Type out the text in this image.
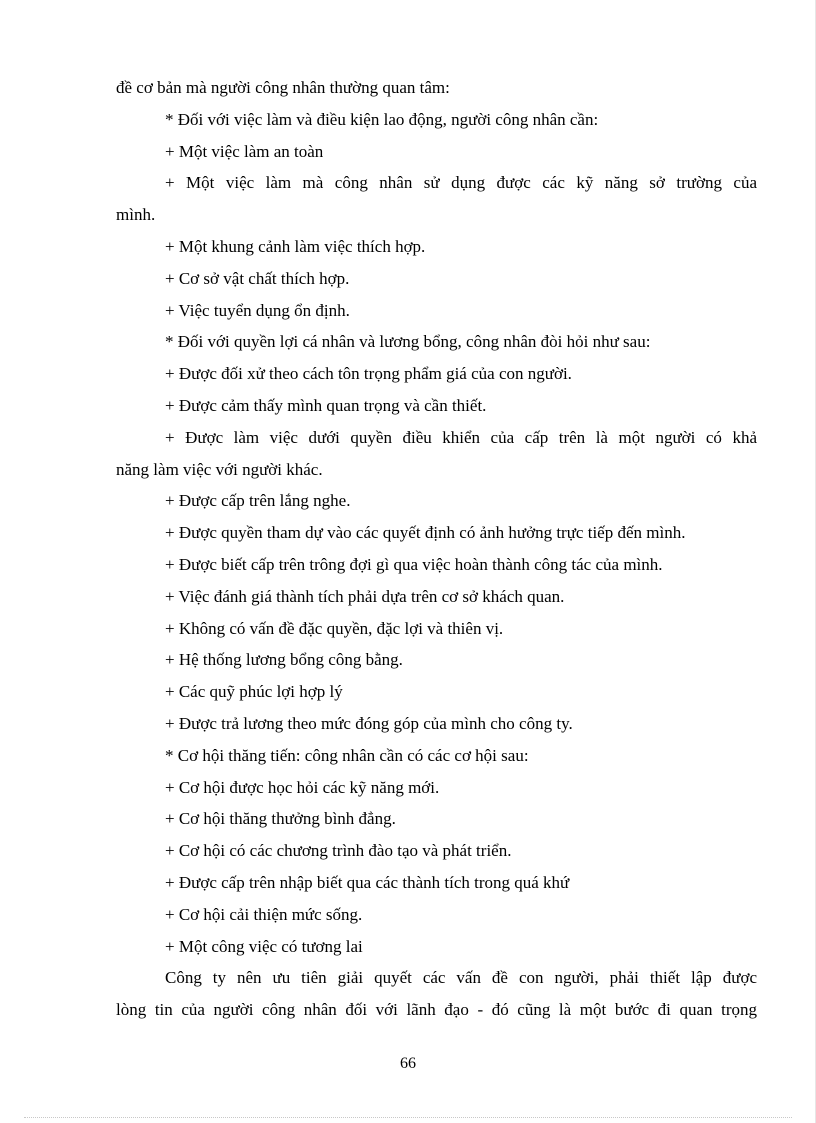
đề cơ bản mà người công nhân thường quan tâm:

* Đối với việc làm và điều kiện lao động, người công nhân cần:

+ Một việc làm an toàn

+ Một việc làm mà công nhân sử dụng được các kỹ năng sở trường của

mình.

+ Một khung cảnh làm việc thích hợp.

+ Cơ sở vật chất thích hợp.

+ Việc tuyển dụng ổn định.

* Đối với quyền lợi cá nhân và lương bổng, công nhân đòi hỏi như sau:

+ Được đối xử theo cách tôn trọng phẩm giá của con người.

+ Được cảm thấy mình quan trọng và cần thiết.

+ Được làm việc dưới quyền điều khiển của cấp trên là một người có khả

năng làm việc với người khác.

+ Được cấp trên lắng nghe.

+ Được quyền tham dự vào các quyết định có ảnh hưởng trực tiếp đến mình.

+ Được biết cấp trên trông đợi gì qua việc hoàn thành công tác của mình.

+ Việc đánh giá thành tích phải dựa trên cơ sở khách quan.

+ Không có vấn đề đặc quyền, đặc lợi và thiên vị.

+ Hệ thống lương bổng công bằng.

+ Các quỹ phúc lợi hợp lý

+ Được trả lương theo mức đóng góp của mình cho công ty.

* Cơ hội thăng tiến: công nhân cần có các cơ hội sau:

+ Cơ hội được học hỏi các kỹ năng mới.

+ Cơ hội thăng thưởng bình đẳng.

+ Cơ hội có các chương trình đào tạo và phát triển.

+ Được cấp trên nhập biết qua các thành tích trong quá khứ

+ Cơ hội cải thiện mức sống.

+ Một công việc có tương lai

Công ty nên ưu tiên giải quyết các vấn đề con người, phải thiết lập được

lòng tin của người công nhân đối với lãnh đạo - đó cũng là một bước đi quan trọng

66
